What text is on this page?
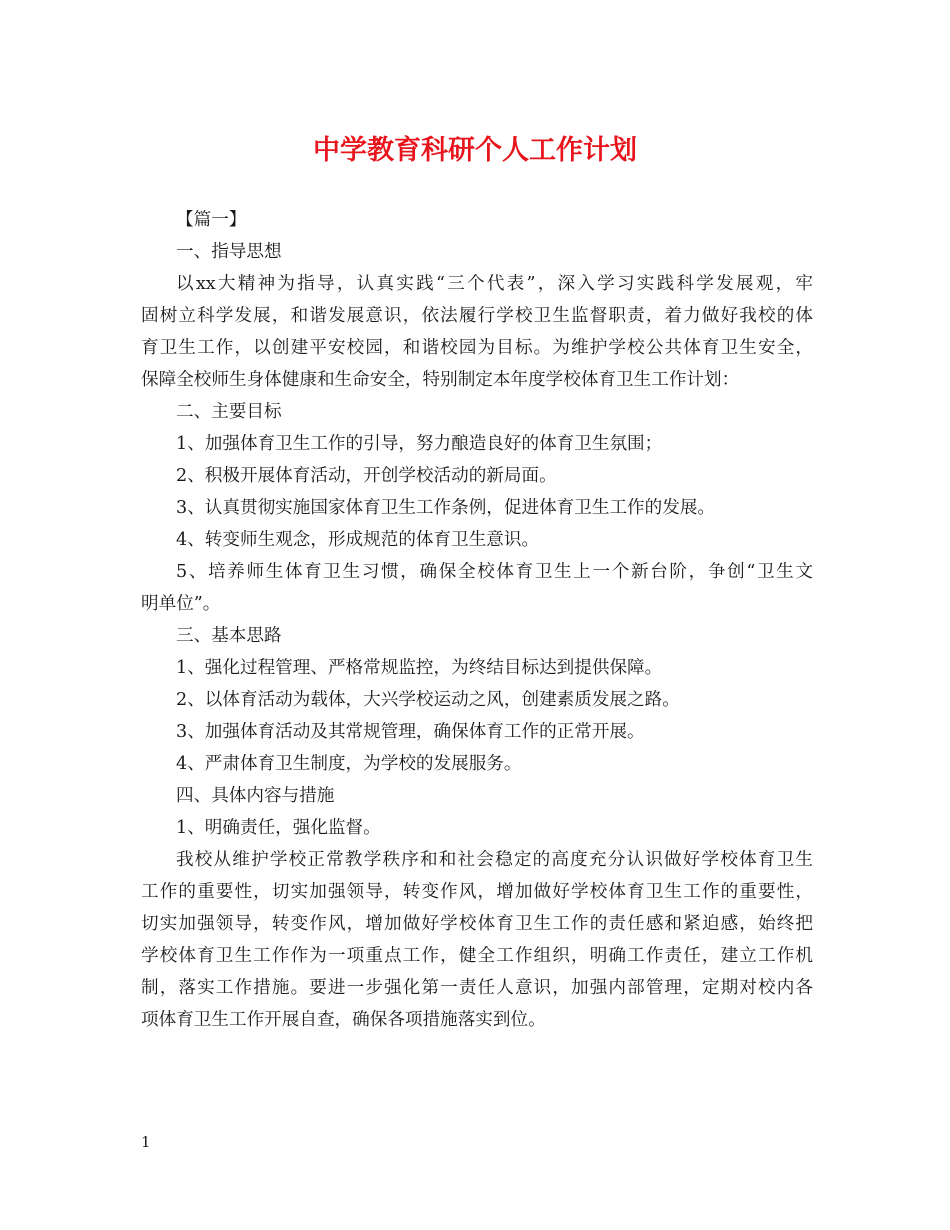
中学教育科研个人工作计划

【篇一】

一、指导思想

以xx大精神为指导，认真实践“三个代表”，深入学习实践科学发展观，牢

固树立科学发展，和谐发展意识，依法履行学校卫生监督职责，着力做好我校的体

育卫生工作，以创建平安校园，和谐校园为目标。为维护学校公共体育卫生安全，

保障全校师生身体健康和生命安全，特别制定本年度学校体育卫生工作计划：

二、主要目标

1、加强体育卫生工作的引导，努力酿造良好的体育卫生氛围；

2、积极开展体育活动，开创学校活动的新局面。

3、认真贯彻实施国家体育卫生工作条例，促进体育卫生工作的发展。

4、转变师生观念，形成规范的体育卫生意识。

5、培养师生体育卫生习惯，确保全校体育卫生上一个新台阶，争创“卫生文

明单位”。

三、基本思路

1、强化过程管理、严格常规监控，为终结目标达到提供保障。

2、以体育活动为载体，大兴学校运动之风，创建素质发展之路。

3、加强体育活动及其常规管理，确保体育工作的正常开展。

4、严肃体育卫生制度，为学校的发展服务。

四、具体内容与措施

1、明确责任，强化监督。

我校从维护学校正常教学秩序和和社会稳定的高度充分认识做好学校体育卫生

工作的重要性，切实加强领导，转变作风，增加做好学校体育卫生工作的重要性，

切实加强领导，转变作风，增加做好学校体育卫生工作的责任感和紧迫感，始终把

学校体育卫生工作作为一项重点工作，健全工作组织，明确工作责任，建立工作机

制，落实工作措施。要进一步强化第一责任人意识，加强内部管理，定期对校内各

项体育卫生工作开展自查，确保各项措施落实到位。

1
